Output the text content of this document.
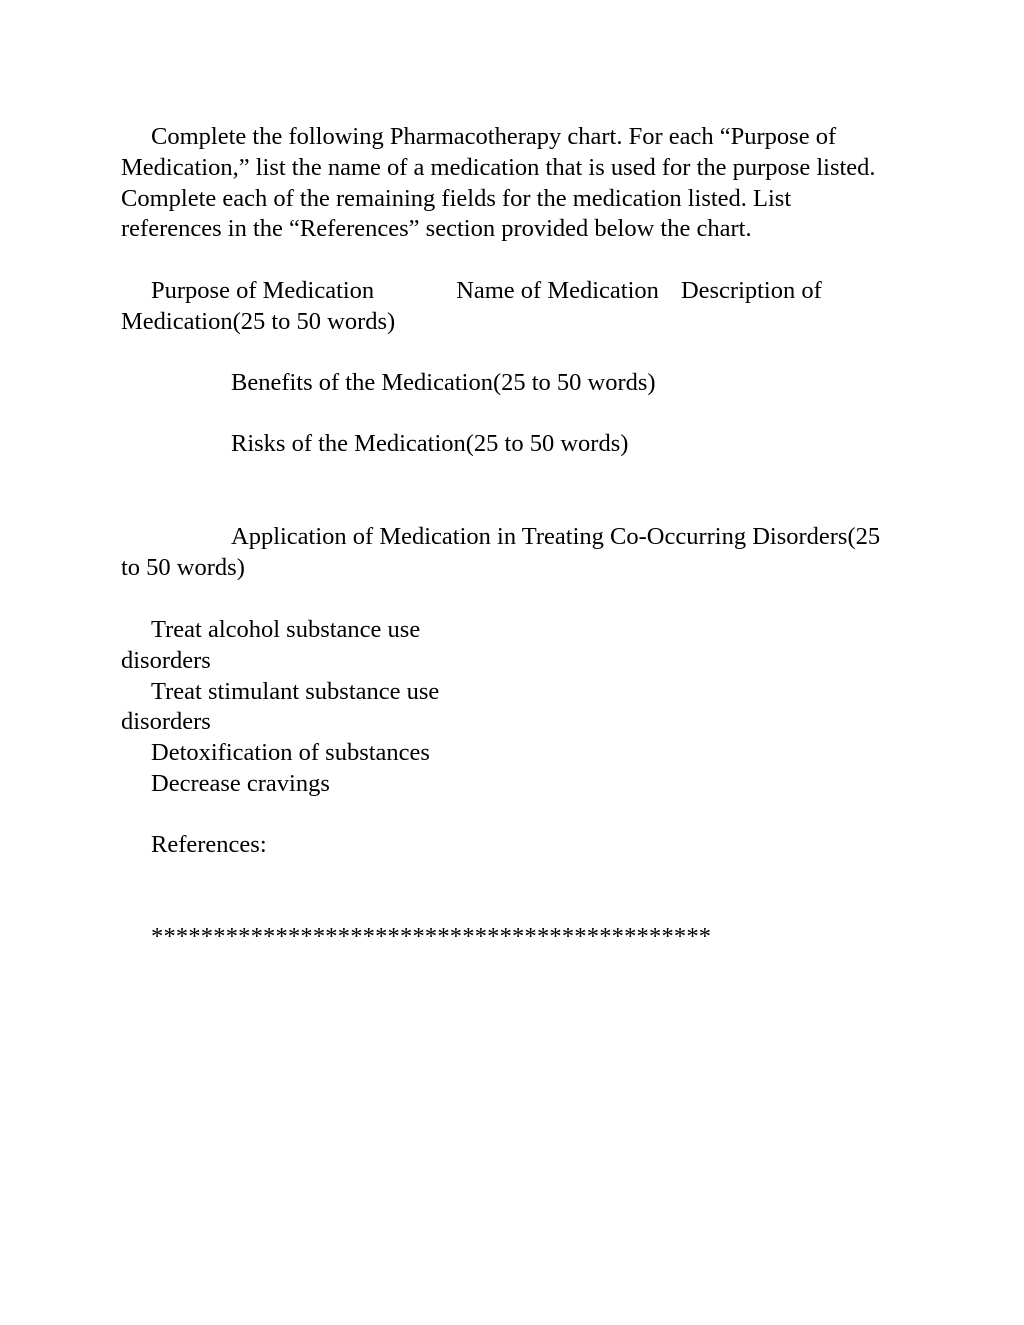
Complete the following Pharmacotherapy chart. For each “Purpose of Medication,” list the name of a medication that is used for the purpose listed. Complete each of the remaining fields for the medication listed. List references in the “References” section provided below the chart.

Purpose of Medication	Name of Medication Description of Medication(25 to 50 words)

Benefits of the Medication(25 to 50 words)

Risks of the Medication(25 to 50 words)

Application of Medication in Treating Co-Occurring Disorders(25 to 50 words)

Treat alcohol substance use disorders
Treat stimulant substance use disorders
Detoxification of substances
Decrease cravings

References:

*********************************************
